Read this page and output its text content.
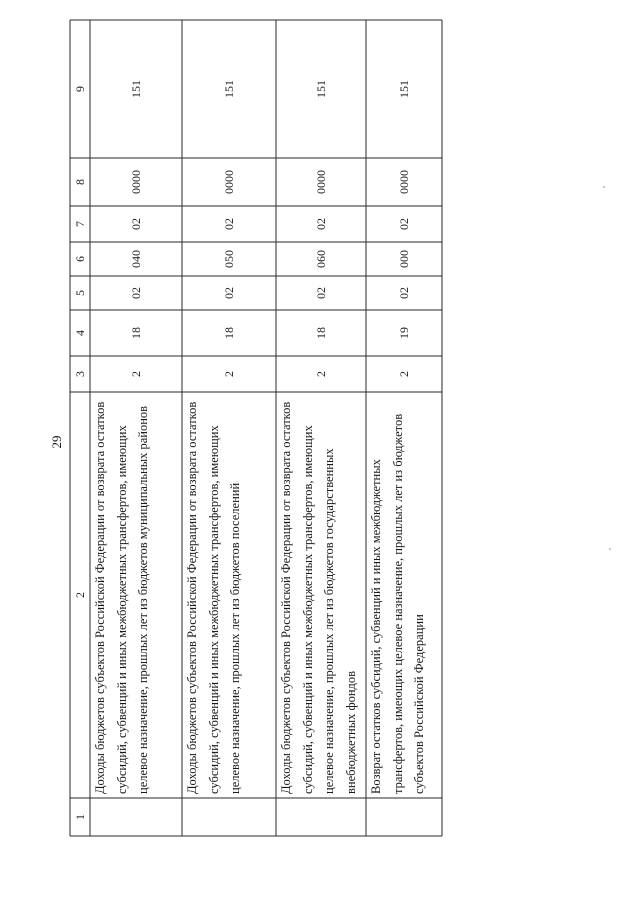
29
9
8
7
6
5
4
3
2
1
151
0000
02
040
02
18
2
Доходы бюджетов субъектов Российской Федерации от возврата остатков субсидий, субвенций и иных межбюджетных трансфертов, имеющих целевое назначение, прошлых лет из бюджетов муниципальных районов
151
0000
02
050
02
18
2
Доходы бюджетов субъектов Российской Федерации от возврата остатков субсидий, субвенций и иных межбюджетных трансфертов, имеющих целевое назначение, прошлых лет из бюджетов поселений
151
0000
02
060
02
18
2
Доходы бюджетов субъектов Российской Федерации от возврата остатков субсидий, субвенций и иных межбюджетных трансфертов, имеющих целевое назначение, прошлых лет из бюджетов государственных внебюджетных фондов
151
0000
02
000
02
19
2
Возврат остатков субсидий, субвенций и иных межбюджетных трансфертов, имеющих целевое назначение, прошлых лет из бюджетов субъектов Российской Федерации
